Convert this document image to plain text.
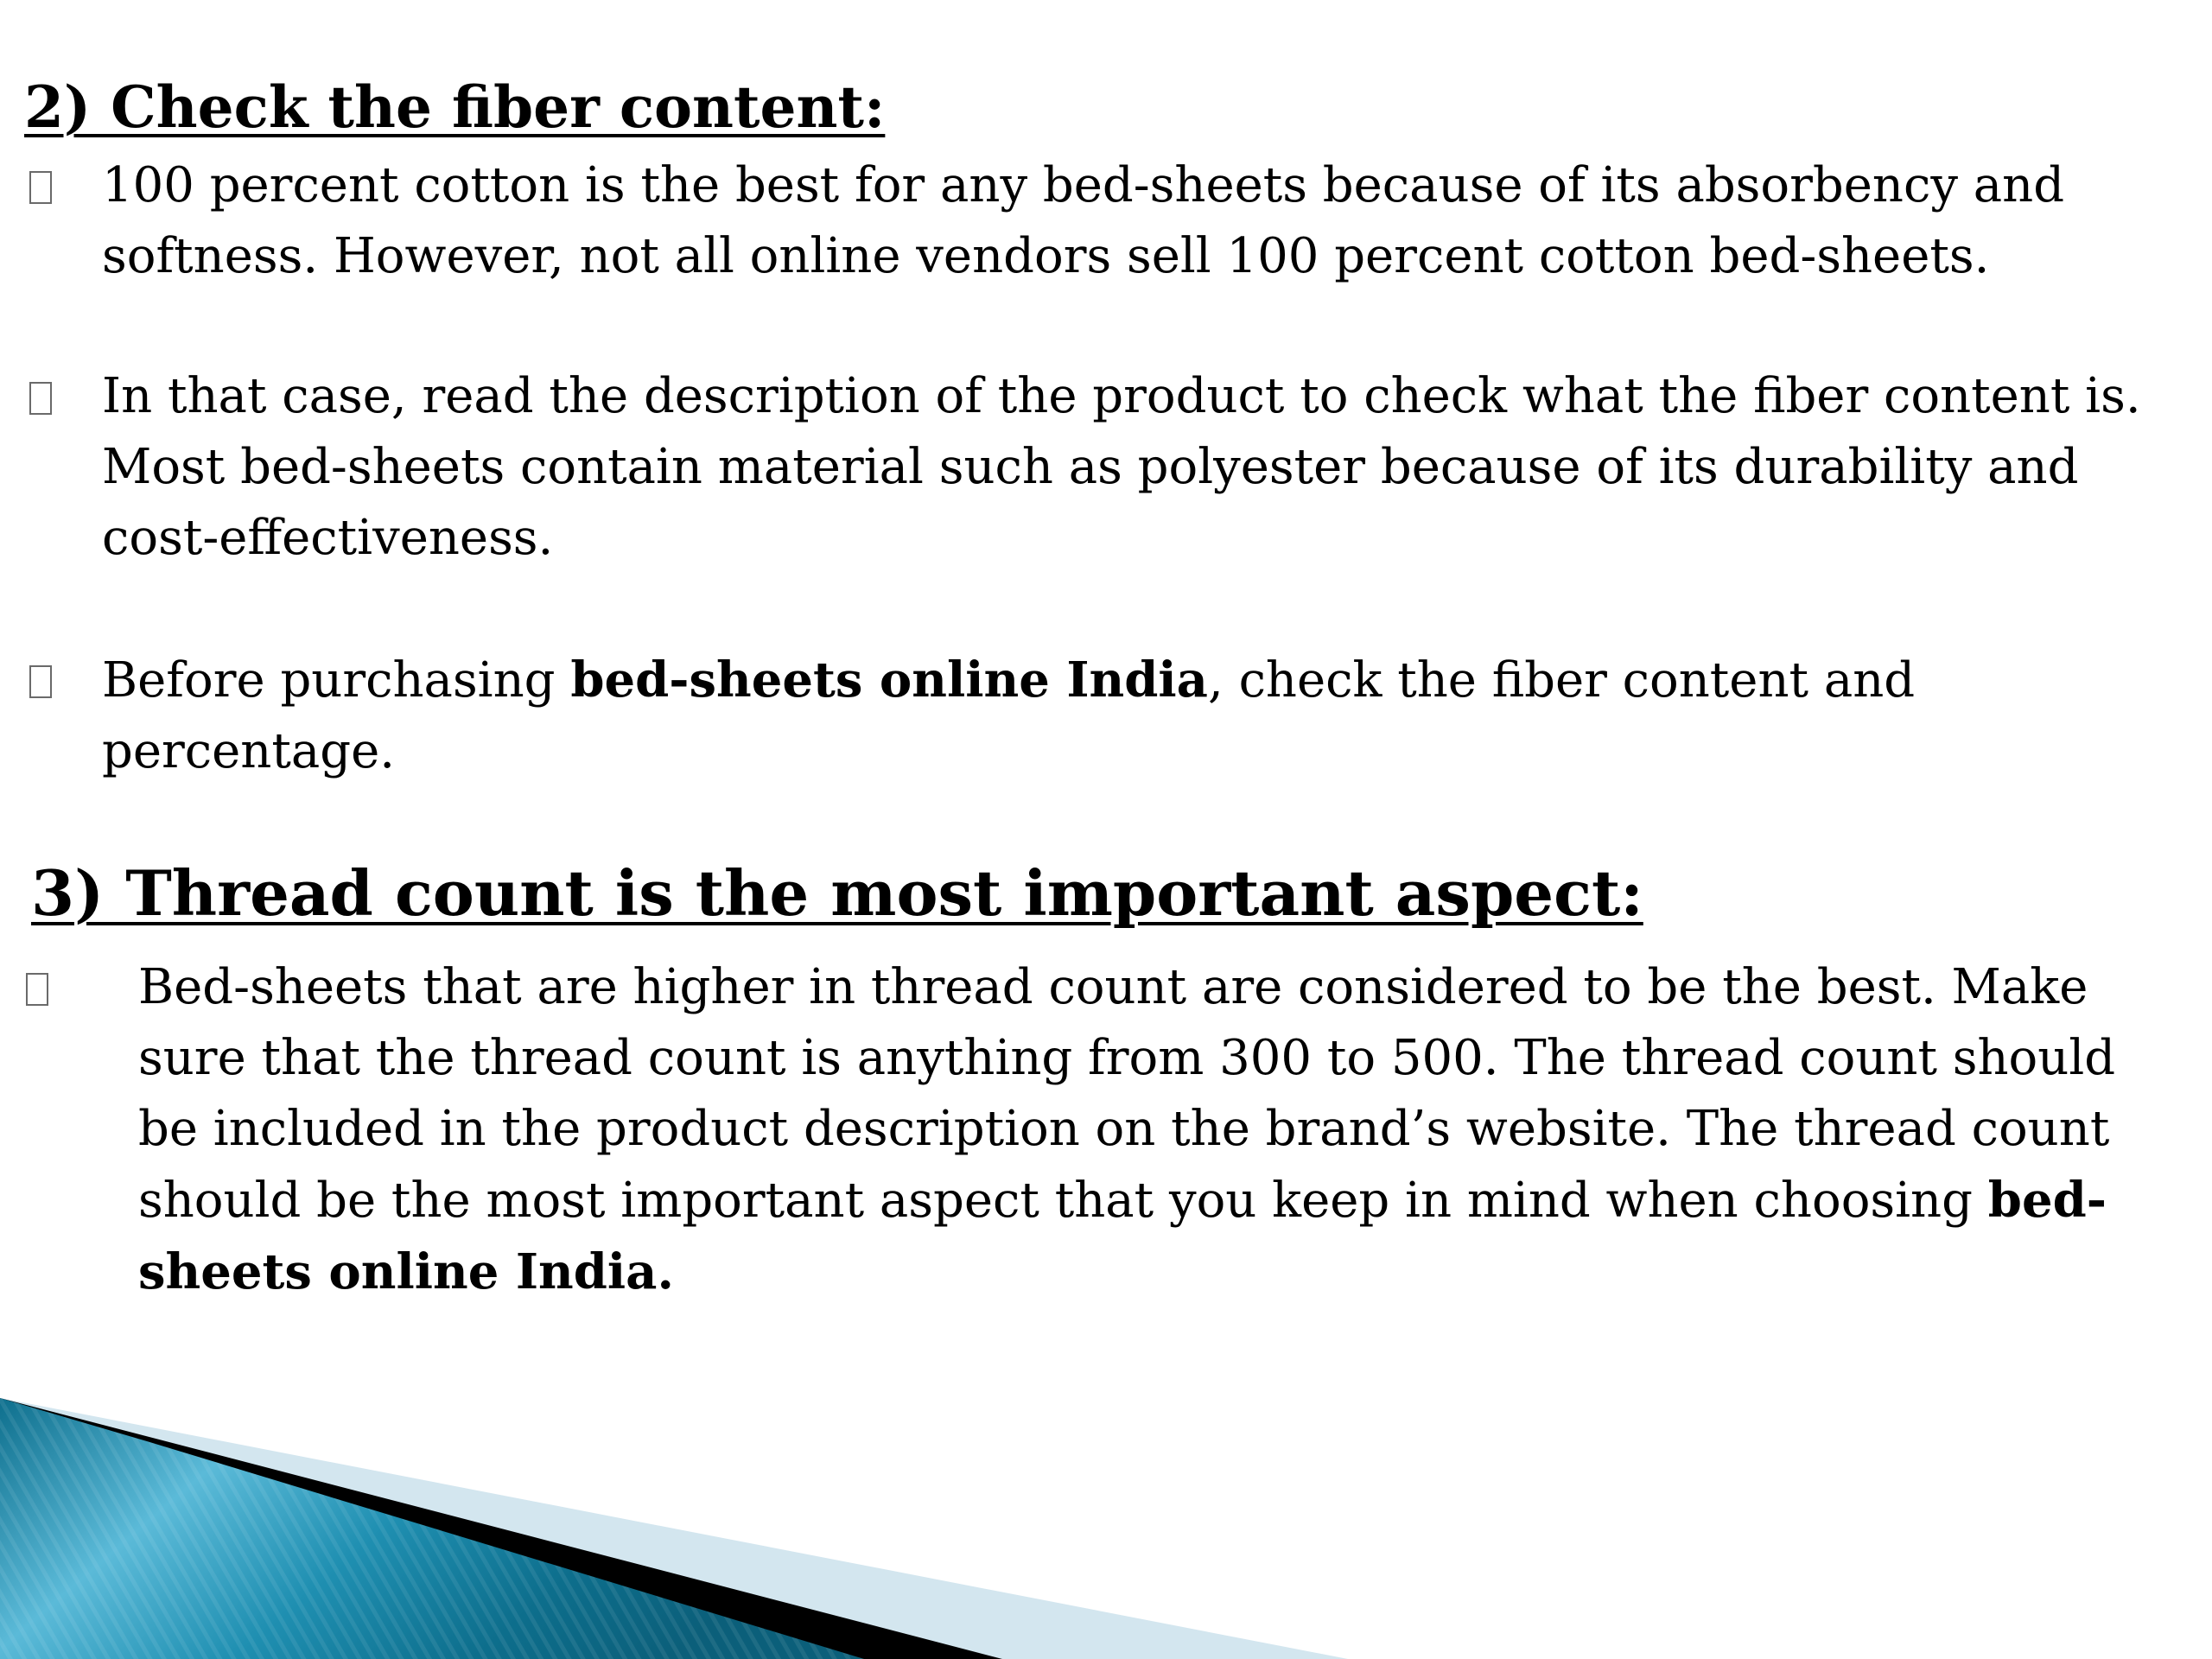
2) Check the fiber content:

100 percent cotton is the best for any bed-sheets because of its absorbency and softness. However, not all online vendors sell 100 percent cotton bed-sheets.

In that case, read the description of the product to check what the fiber content is. Most bed-sheets contain material such as polyester because of its durability and cost-effectiveness.

Before purchasing bed-sheets online India, check the fiber content and percentage.

3) Thread count is the most important aspect:

Bed-sheets that are higher in thread count are considered to be the best. Make sure that the thread count is anything from 300 to 500. The thread count should be included in the product description on the brand’s website. The thread count should be the most important aspect that you keep in mind when choosing bed-sheets online India.
